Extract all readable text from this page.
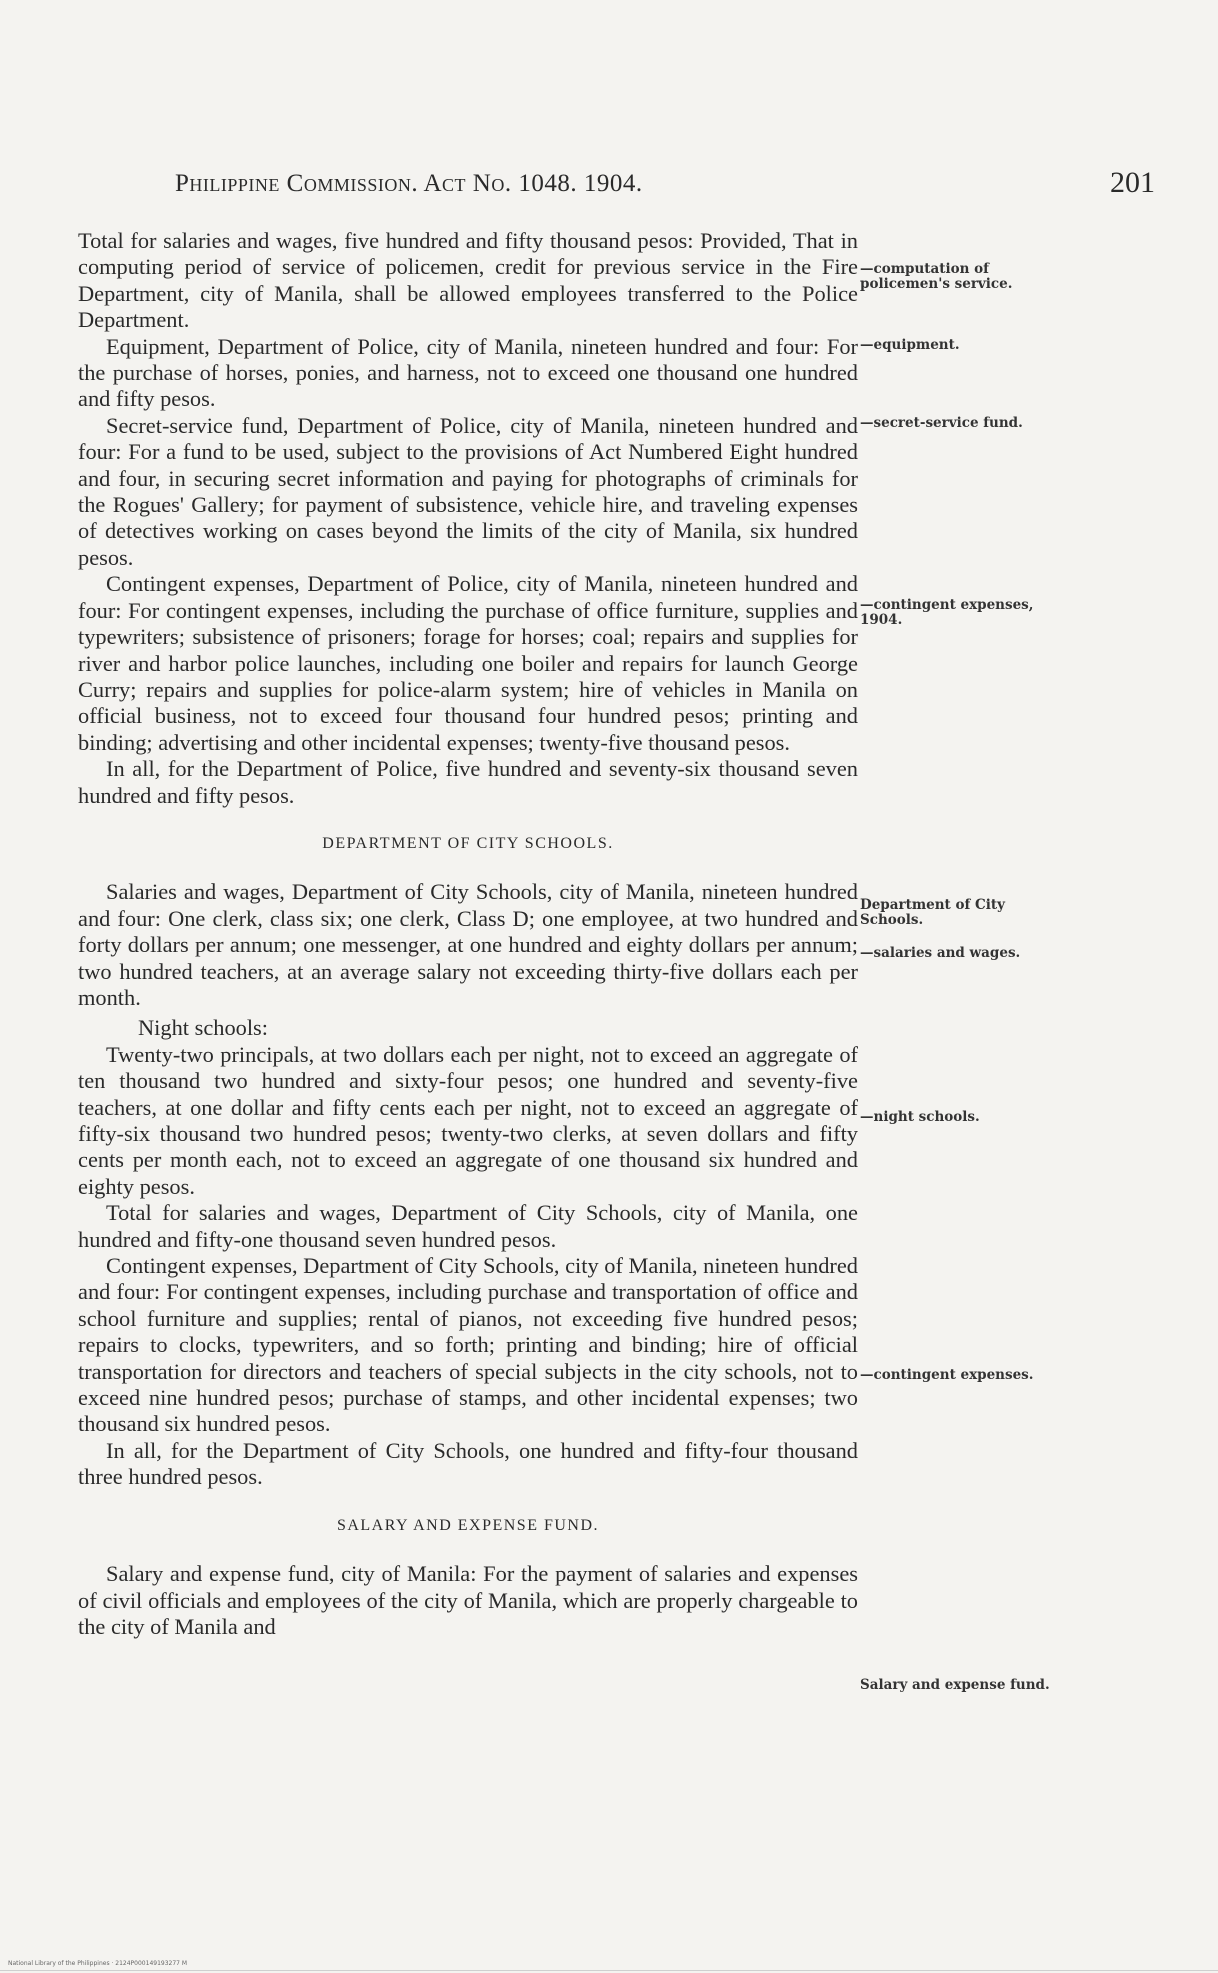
Philippine Commission. Act No. 1048. 1904.	201

Total for salaries and wages, five hundred and fifty thousand pesos: Provided, That in computing period of service of policemen, credit for previous service in the Fire Department, city of Manila, shall be allowed employees transferred to the Police Department.

Equipment, Department of Police, city of Manila, nineteen hundred and four: For the purchase of horses, ponies, and harness, not to exceed one thousand one hundred and fifty pesos.

Secret-service fund, Department of Police, city of Manila, nineteen hundred and four: For a fund to be used, subject to the provisions of Act Numbered Eight hundred and four, in securing secret information and paying for photographs of criminals for the Rogues' Gallery; for payment of subsistence, vehicle hire, and traveling expenses of detectives working on cases beyond the limits of the city of Manila, six hundred pesos.

Contingent expenses, Department of Police, city of Manila, nineteen hundred and four: For contingent expenses, including the purchase of office furniture, supplies and typewriters; subsistence of prisoners; forage for horses; coal; repairs and supplies for river and harbor police launches, including one boiler and repairs for launch George Curry; repairs and supplies for police-alarm system; hire of vehicles in Manila on official business, not to exceed four thousand four hundred pesos; printing and binding; advertising and other incidental expenses; twenty-five thousand pesos.

In all, for the Department of Police, five hundred and seventy-six thousand seven hundred and fifty pesos.

DEPARTMENT OF CITY SCHOOLS.

Salaries and wages, Department of City Schools, city of Manila, nineteen hundred and four: One clerk, class six; one clerk, Class D; one employee, at two hundred and forty dollars per annum; one messenger, at one hundred and eighty dollars per annum; two hundred teachers, at an average salary not exceeding thirty-five dollars each per month.

Night schools:

Twenty-two principals, at two dollars each per night, not to exceed an aggregate of ten thousand two hundred and sixty-four pesos; one hundred and seventy-five teachers, at one dollar and fifty cents each per night, not to exceed an aggregate of fifty-six thousand two hundred pesos; twenty-two clerks, at seven dollars and fifty cents per month each, not to exceed an aggregate of one thousand six hundred and eighty pesos.

Total for salaries and wages, Department of City Schools, city of Manila, one hundred and fifty-one thousand seven hundred pesos.

Contingent expenses, Department of City Schools, city of Manila, nineteen hundred and four: For contingent expenses, including purchase and transportation of office and school furniture and supplies; rental of pianos, not exceeding five hundred pesos; repairs to clocks, typewriters, and so forth; printing and binding; hire of official transportation for directors and teachers of special subjects in the city schools, not to exceed nine hundred pesos; purchase of stamps, and other incidental expenses; two thousand six hundred pesos.

In all, for the Department of City Schools, one hundred and fifty-four thousand three hundred pesos.

SALARY AND EXPENSE FUND.

Salary and expense fund, city of Manila: For the payment of salaries and expenses of civil officials and employees of the city of Manila, which are properly chargeable to the city of Manila and

—computation of policemen's service.
—equipment.
—secret-service fund.
—contingent expenses, 1904.
Department of City Schools.
—salaries and wages.
—night schools.
—contingent expenses.
Salary and expense fund.
National Library of the Philippines · 2124P000149193277 M
